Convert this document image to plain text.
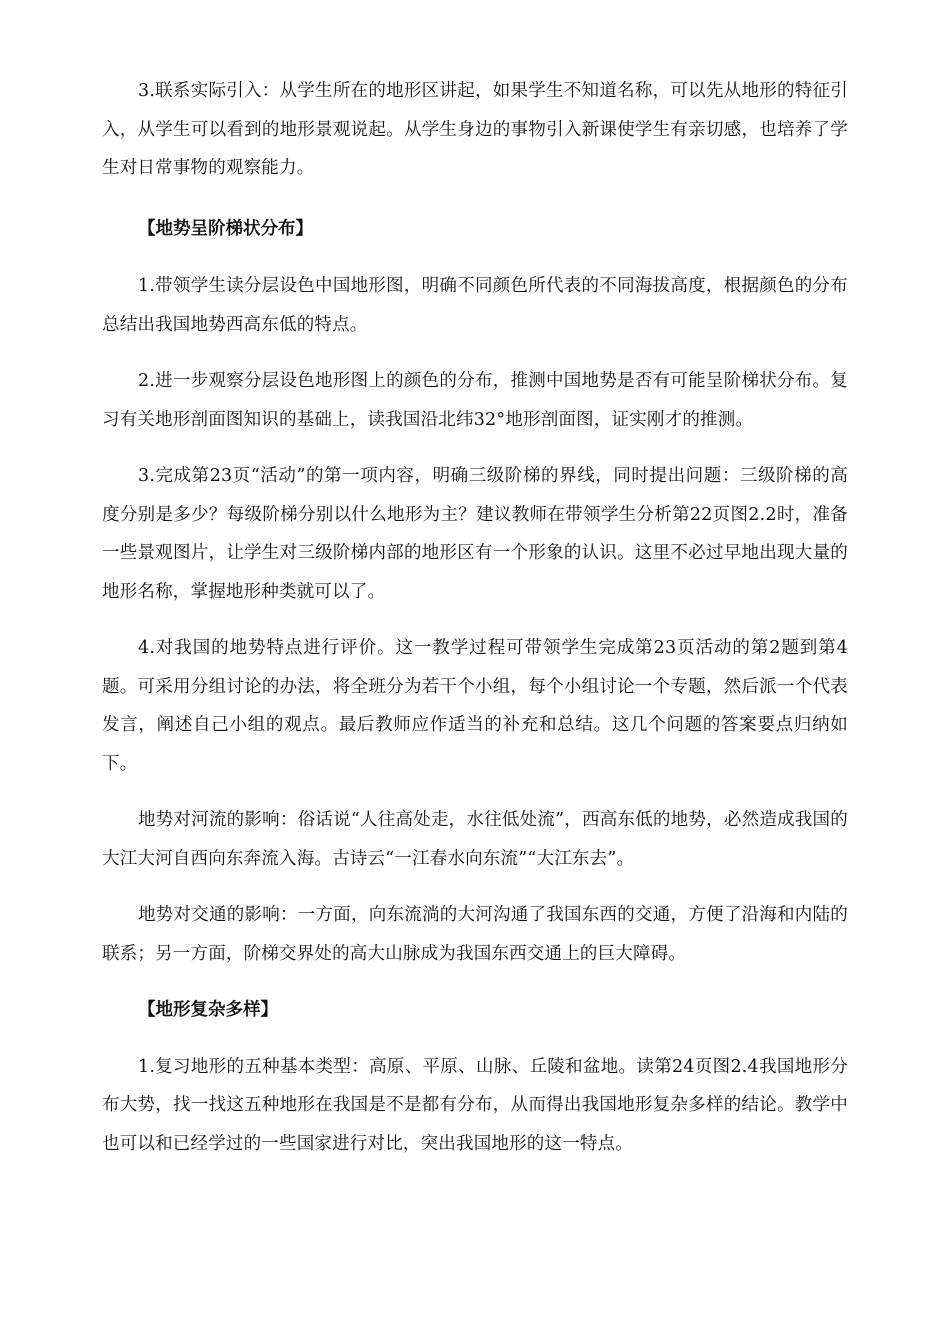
3.联系实际引入：从学生所在的地形区讲起，如果学生不知道名称，可以先从地形的特征引入，从学生可以看到的地形景观说起。从学生身边的事物引入新课使学生有亲切感，也培养了学生对日常事物的观察能力。

【地势呈阶梯状分布】

1.带领学生读分层设色中国地形图，明确不同颜色所代表的不同海拔高度，根据颜色的分布总结出我国地势西高东低的特点。

2.进一步观察分层设色地形图上的颜色的分布，推测中国地势是否有可能呈阶梯状分布。复习有关地形剖面图知识的基础上，读我国沿北纬32°地形剖面图，证实刚才的推测。

3.完成第23页“活动”的第一项内容，明确三级阶梯的界线，同时提出问题：三级阶梯的高度分别是多少？每级阶梯分别以什么地形为主？建议教师在带领学生分析第22页图2.2时，准备一些景观图片，让学生对三级阶梯内部的地形区有一个形象的认识。这里不必过早地出现大量的地形名称，掌握地形种类就可以了。

4.对我国的地势特点进行评价。这一教学过程可带领学生完成第23页活动的第2题到第4题。可采用分组讨论的办法，将全班分为若干个小组，每个小组讨论一个专题，然后派一个代表发言，阐述自己小组的观点。最后教师应作适当的补充和总结。这几个问题的答案要点归纳如下。

地势对河流的影响：俗话说“人往高处走，水往低处流”，西高东低的地势，必然造成我国的大江大河自西向东奔流入海。古诗云“一江春水向东流”“大江东去”。

地势对交通的影响：一方面，向东流淌的大河沟通了我国东西的交通，方便了沿海和内陆的联系；另一方面，阶梯交界处的高大山脉成为我国东西交通上的巨大障碍。

【地形复杂多样】

1.复习地形的五种基本类型：高原、平原、山脉、丘陵和盆地。读第24页图2.4我国地形分布大势，找一找这五种地形在我国是不是都有分布，从而得出我国地形复杂多样的结论。教学中也可以和已经学过的一些国家进行对比，突出我国地形的这一特点。
